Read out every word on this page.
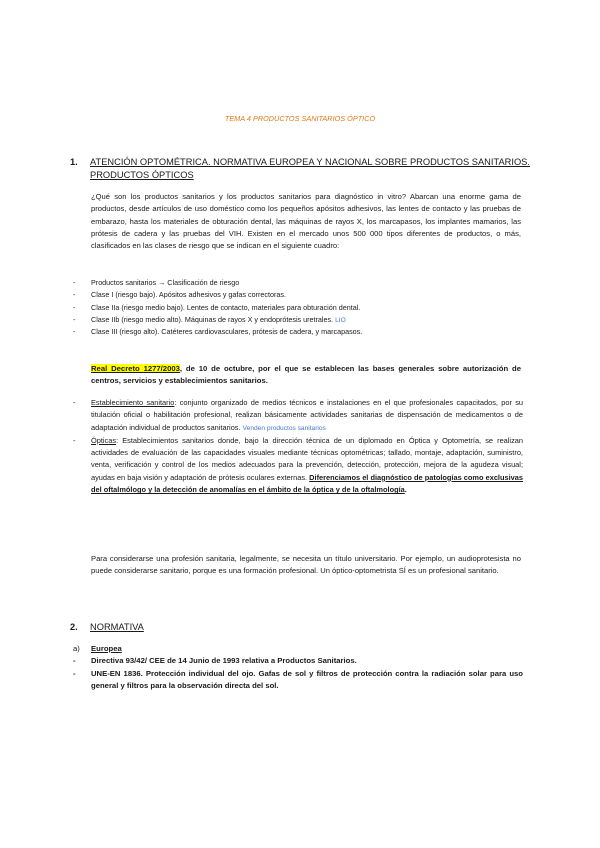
TEMA 4 PRODUCTOS SANITARIOS ÓPTICO
1. ATENCIÓN OPTOMÉTRICA. NORMATIVA EUROPEA Y NACIONAL SOBRE PRODUCTOS SANITARIOS. PRODUCTOS ÓPTICOS
¿Qué son los productos sanitarios y los productos sanitarios para diagnóstico in vitro? Abarcan una enorme gama de productos, desde artículos de uso doméstico como los pequeños apósitos adhesivos, las lentes de contacto y las pruebas de embarazo, hasta los materiales de obturación dental, las máquinas de rayos X, los marcapasos, los implantes mamarios, las prótesis de cadera y las pruebas del VIH. Existen en el mercado unos 500 000 tipos diferentes de productos, o más, clasificados en las clases de riesgo que se indican en el siguiente cuadro:
- Productos sanitarios → Clasificación de riesgo
- Clase I (riesgo bajo). Apósitos adhesivos y gafas correctoras.
- Clase IIa (riesgo medio bajo). Lentes de contacto, materiales para obturación dental.
- Clase IIb (riesgo medio alto). Máquinas de rayos X y endoprótesis uretrales. LIO
- Clase III (riesgo alto). Catéteres cardiovasculares, prótesis de cadera, y marcapasos.
Real Decreto 1277/2003, de 10 de octubre, por el que se establecen las bases generales sobre autorización de centros, servicios y establecimientos sanitarios.
- Establecimiento sanitario: conjunto organizado de medios técnicos e instalaciones en el que profesionales capacitados, por su titulación oficial o habilitación profesional, realizan básicamente actividades sanitarias de dispensación de medicamentos o de adaptación individual de productos sanitarios. Venden productos sanitarios
- Ópticas: Establecimientos sanitarios donde, bajo la dirección técnica de un diplomado en Óptica y Optometría, se realizan actividades de evaluación de las capacidades visuales mediante técnicas optométricas; tallado, montaje, adaptación, suministro, venta, verificación y control de los medios adecuados para la prevención, detección, protección, mejora de la agudeza visual; ayudas en baja visión y adaptación de prótesis oculares externas. Diferenciamos el diagnóstico de patologías como exclusivas del oftalmólogo y la detección de anomalías en el ámbito de la óptica y de la oftalmología.
Para considerarse una profesión sanitaria, legalmente, se necesita un título universitario. Por ejemplo, un audioprotesista no puede considerarse sanitario, porque es una formación profesional. Un óptico-optometrista SÍ es un profesional sanitario.
2. NORMATIVA
a) Europea
- Directiva 93/42/ CEE de 14 Junio de 1993 relativa a Productos Sanitarios.
- UNE-EN 1836. Protección individual del ojo. Gafas de sol y filtros de protección contra la radiación solar para uso general y filtros para la observación directa del sol.
